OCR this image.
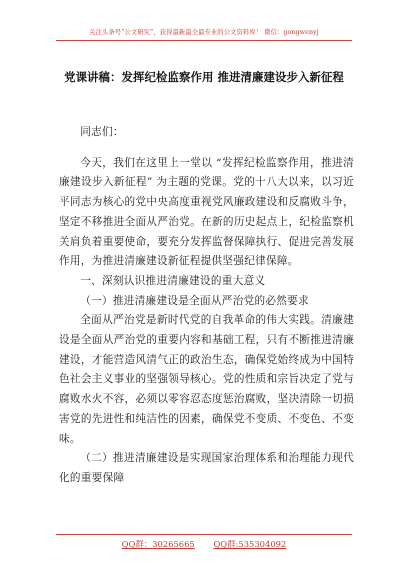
关注头条号“公文研究”，获得最新最全最专业的公文资料库！ 微信：gongwenyj
党课讲稿：发挥纪检监察作用 推进清廉建设步入新征程

同志们：

今天，我们在这里上一堂以 “发挥纪检监察作用，推进清廉建设步入新征程” 为主题的党课。党的十八大以来，以习近平同志为核心的党中央高度重视党风廉政建设和反腐败斗争，坚定不移推进全面从严治党。在新的历史起点上，纪检监察机关肩负着重要使命，要充分发挥监督保障执行、促进完善发展作用，为推进清廉建设新征程提供坚强纪律保障。

一、深刻认识推进清廉建设的重大意义

（一）推进清廉建设是全面从严治党的必然要求

全面从严治党是新时代党的自我革命的伟大实践。清廉建设是全面从严治党的重要内容和基础工程，只有不断推进清廉建设，才能营造风清气正的政治生态，确保党始终成为中国特色社会主义事业的坚强领导核心。党的性质和宗旨决定了党与腐败水火不容，必须以零容忍态度惩治腐败，坚决清除一切损害党的先进性和纯洁性的因素，确保党不变质、不变色、不变味。

（二）推进清廉建设是实现国家治理体系和治理能力现代化的重要保障

QQ群：30265665 QQ群:535304092
